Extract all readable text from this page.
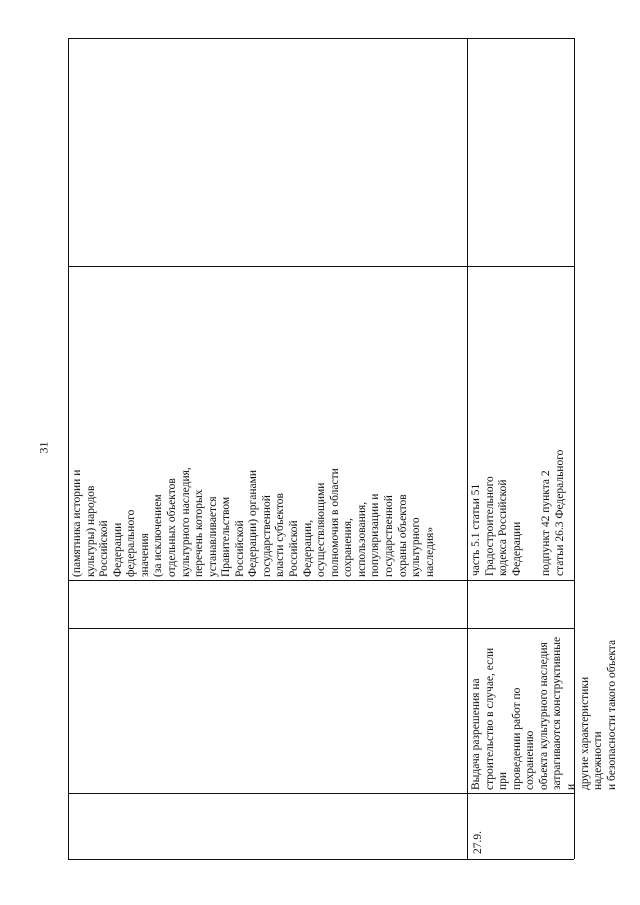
31

(памятника истории и культуры) народов Российской Федерации федерального значения (за исключением отдельных объектов культурного наследия, перечень которых устанавливается Правительством Российской Федерации) органами государственной власти субъектов Российской Федерации, осуществляющими полномочия в области сохранения, использования, популяризации и государственной охраны объектов культурного наследия»

27.9.

Выдача разрешения на строительство в случае, если при проведении работ по сохранению объекта культурного наследия затрагиваются конструктивные и другие характеристики надежности и безопасности такого объекта

часть 5.1 статьи 51 Градостроительного кодекса Российской Федерации подпункт 42 пункта 2 статьи 26.3 Федерального
